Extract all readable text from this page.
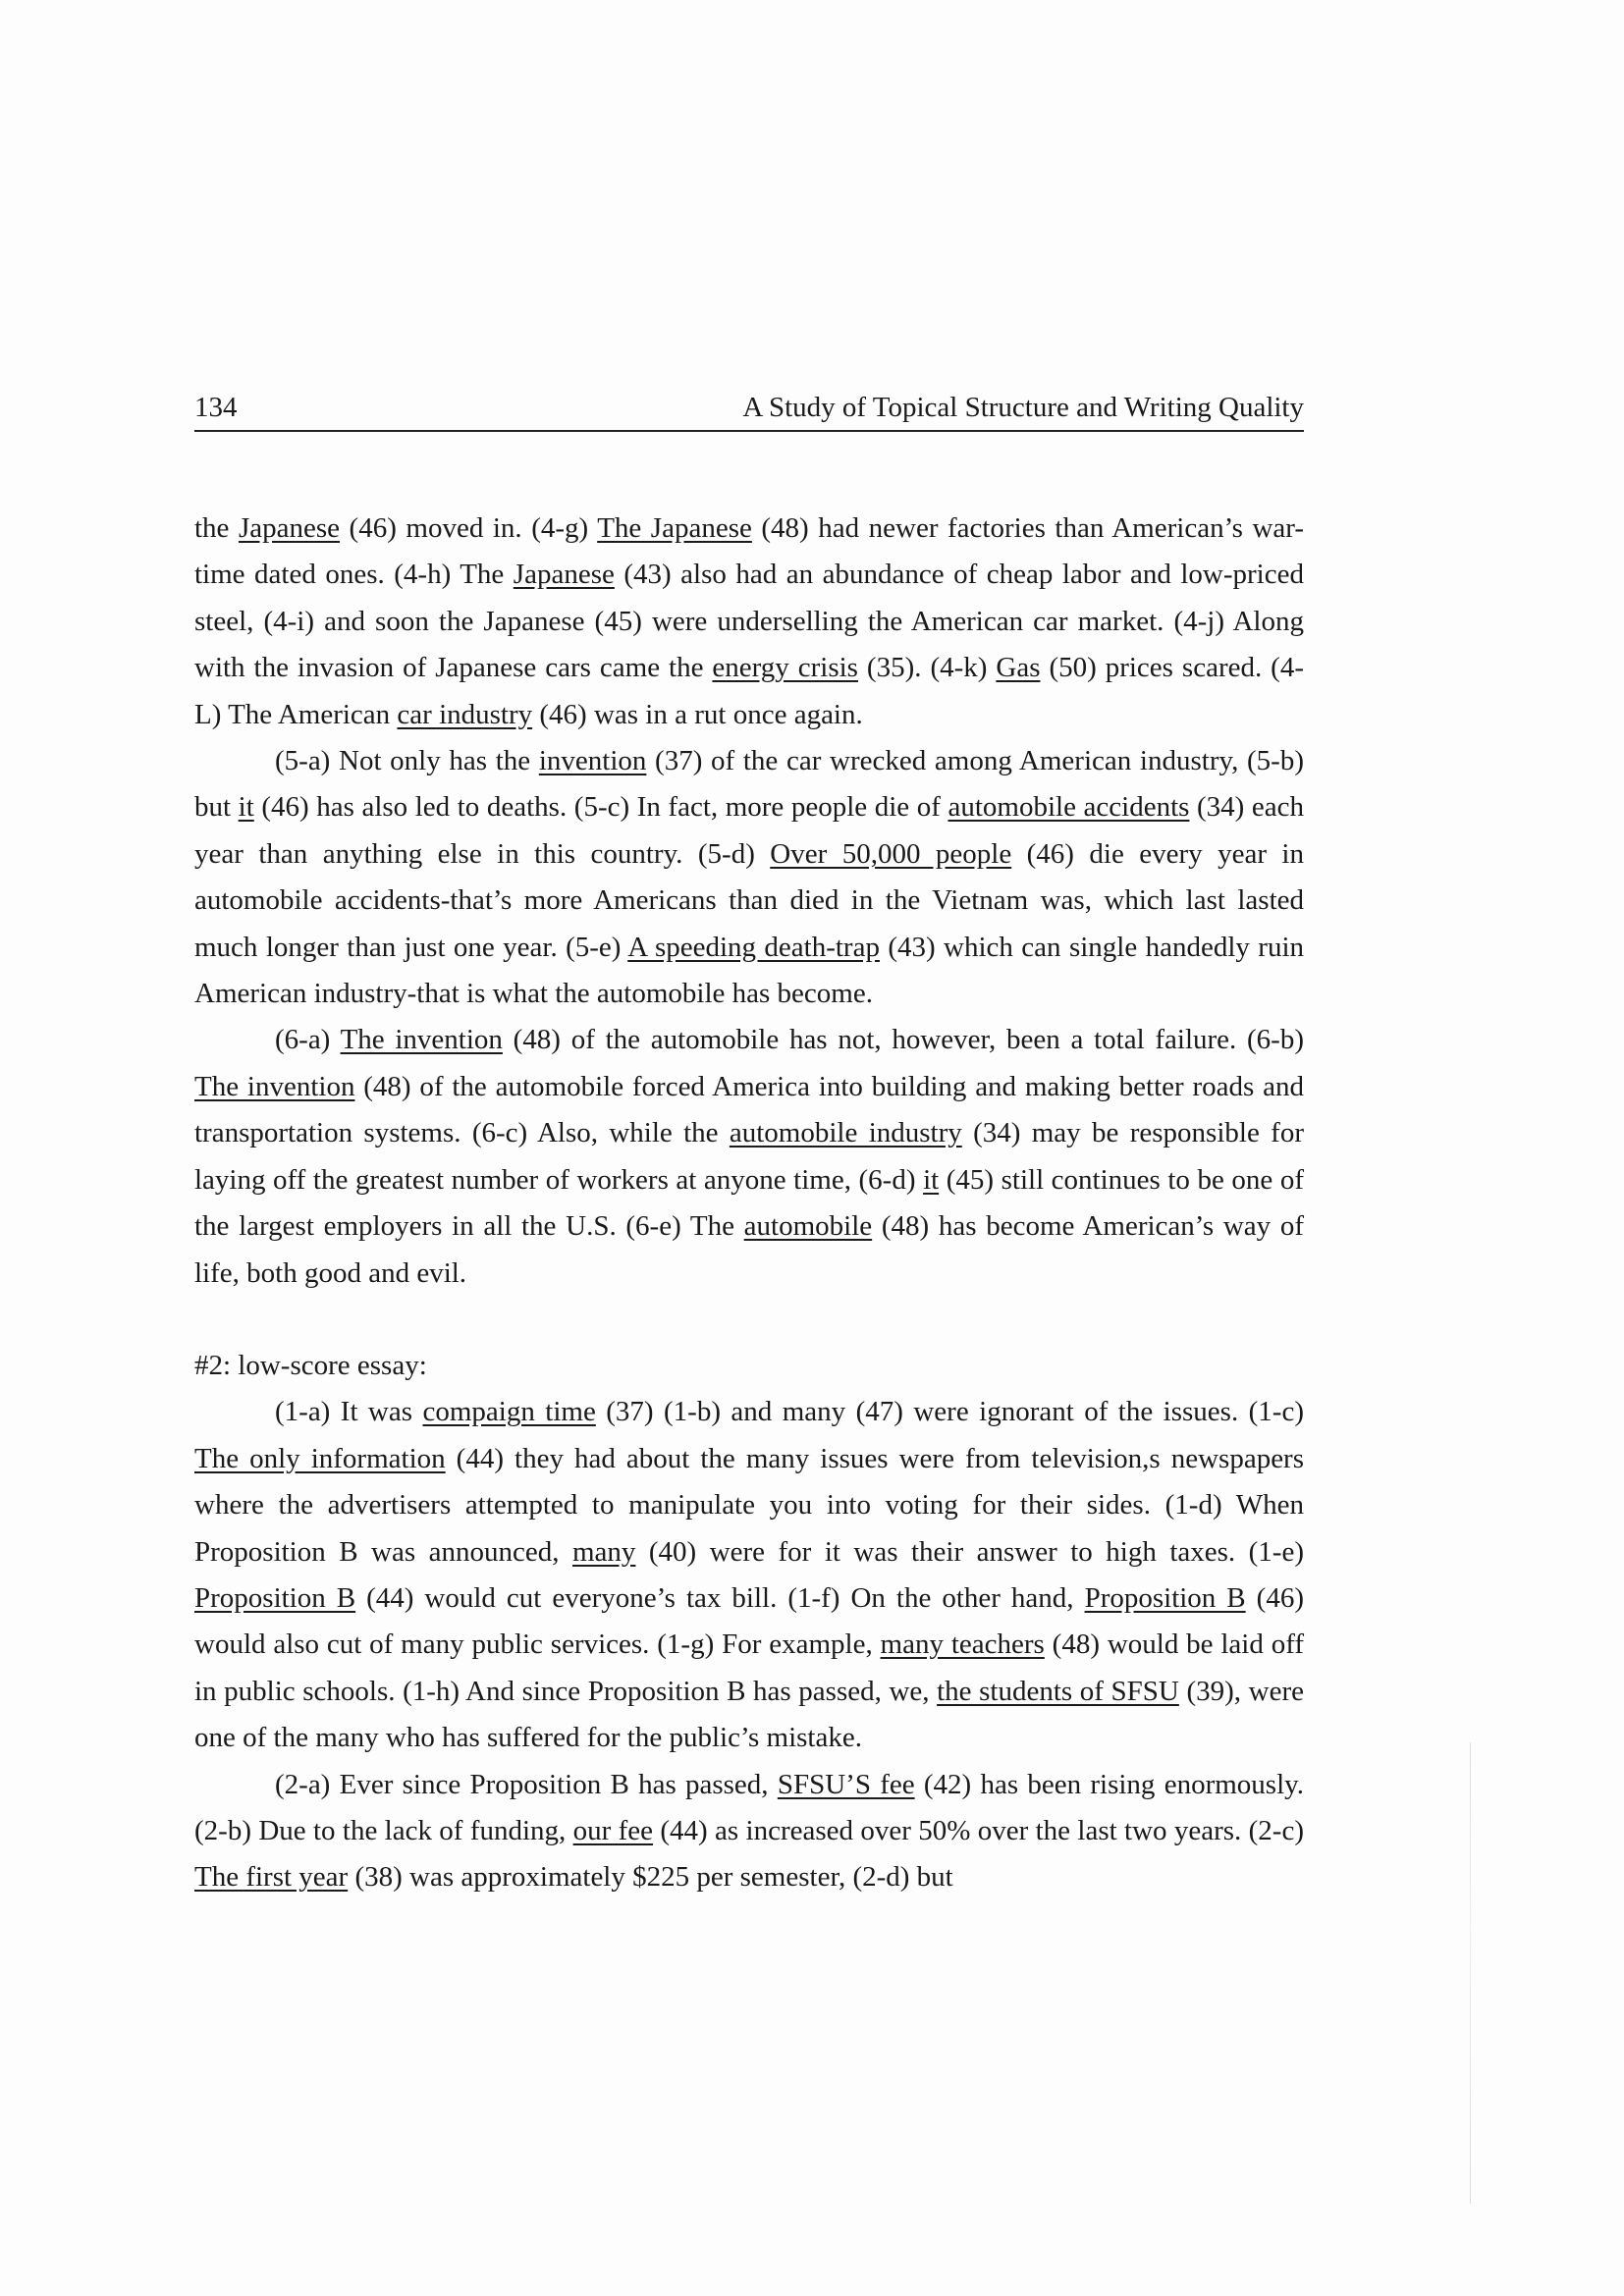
134	A Study of Topical Structure and Writing Quality

the Japanese (46) moved in. (4-g) The Japanese (48) had newer factories than American’s war-time dated ones. (4-h) The Japanese (43) also had an abundance of cheap labor and low-priced steel, (4-i) and soon the Japanese (45) were underselling the American car market. (4-j) Along with the invasion of Japanese cars came the energy crisis (35). (4-k) Gas (50) prices scared. (4-L) The American car industry (46) was in a rut once again.

(5-a) Not only has the invention (37) of the car wrecked among American industry, (5-b) but it (46) has also led to deaths. (5-c) In fact, more people die of automobile accidents (34) each year than anything else in this country. (5-d) Over 50,000 people (46) die every year in automobile accidents-that’s more Americans than died in the Vietnam was, which last lasted much longer than just one year. (5-e) A speeding death-trap (43) which can single handedly ruin American industry-that is what the automobile has become.

(6-a) The invention (48) of the automobile has not, however, been a total failure. (6-b) The invention (48) of the automobile forced America into building and making better roads and transportation systems. (6-c) Also, while the automobile industry (34) may be responsible for laying off the greatest number of workers at anyone time, (6-d) it (45) still continues to be one of the largest employers in all the U.S. (6-e) The automobile (48) has become American’s way of life, both good and evil.

#2: low-score essay:

(1-a) It was compaign time (37) (1-b) and many (47) were ignorant of the issues. (1-c) The only information (44) they had about the many issues were from television,s newspapers where the advertisers attempted to manipulate you into voting for their sides. (1-d) When Proposition B was announced, many (40) were for it was their answer to high taxes. (1-e) Proposition B (44) would cut everyone’s tax bill. (1-f) On the other hand, Proposition B (46) would also cut of many public services. (1-g) For example, many teachers (48) would be laid off in public schools. (1-h) And since Proposition B has passed, we, the students of SFSU (39), were one of the many who has suffered for the public’s mistake.

(2-a) Ever since Proposition B has passed, SFSU’S fee (42) has been rising enormously. (2-b) Due to the lack of funding, our fee (44) as increased over 50% over the last two years. (2-c) The first year (38) was approximately $225 per semester, (2-d) but
